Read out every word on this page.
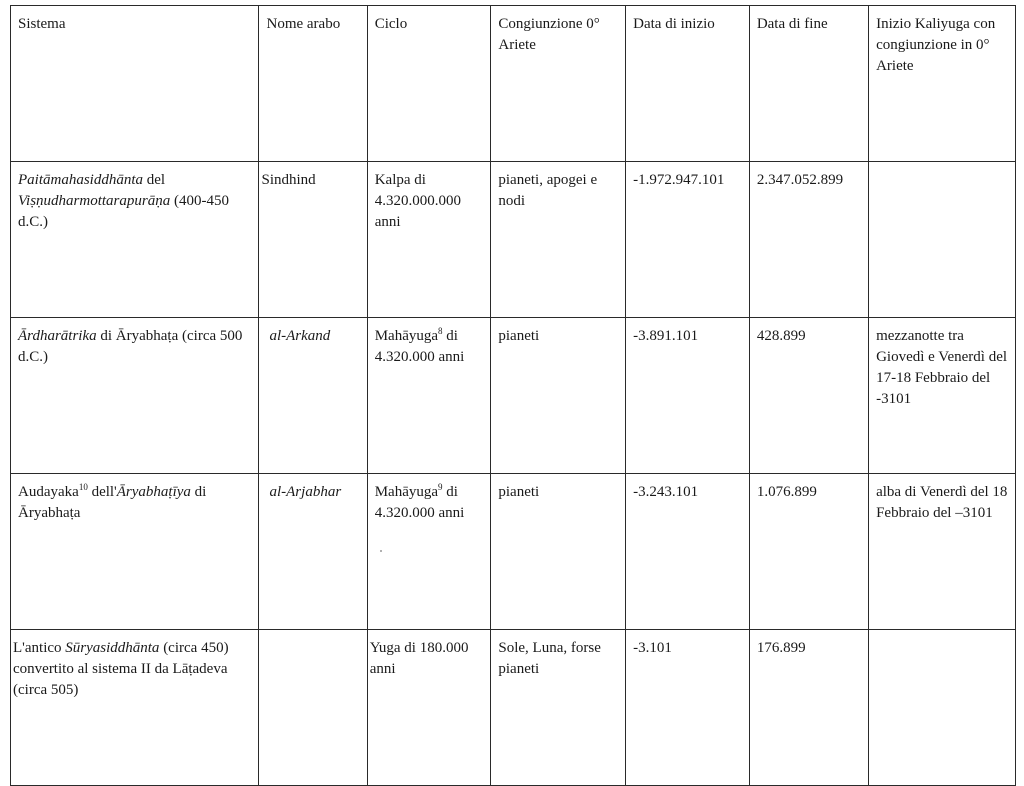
Sistema	Nome arabo	Ciclo	Congiunzione 0° Ariete	Data di inizio	Data di fine	Inizio Kaliyuga con congiunzione in 0° Ariete
Paitāmahasiddhānta del Viṣṇudharmottarapurāṇa (400-450 d.C.)	Sindhind	Kalpa di 4.320.000.000 anni	pianeti, apogei e nodi	-1.972.947.101	2.347.052.899	
Ārdharātrika di Āryabhaṭa (circa 500 d.C.)	al-Arkand	Mahāyuga$^8$ di 4.320.000 anni	pianeti	-3.891.101	428.899	mezzanotte tra Giovedì e Venerdì del 17-18 Febbraio del -3101
Audayaka$^{10}$ dell'Āryabhaṭīya di Āryabhaṭa	al-Arjabhar	Mahāyuga$^9$ di 4.320.000 anni	pianeti	-3.243.101	1.076.899	alba di Venerdì del 18 Febbraio del –3101
L'antico Sūryasiddhānta (circa 450) convertito al sistema II da Lāṭadeva (circa 505)		Yuga di 180.000 anni	Sole, Luna, forse pianeti	-3.101	176.899	
